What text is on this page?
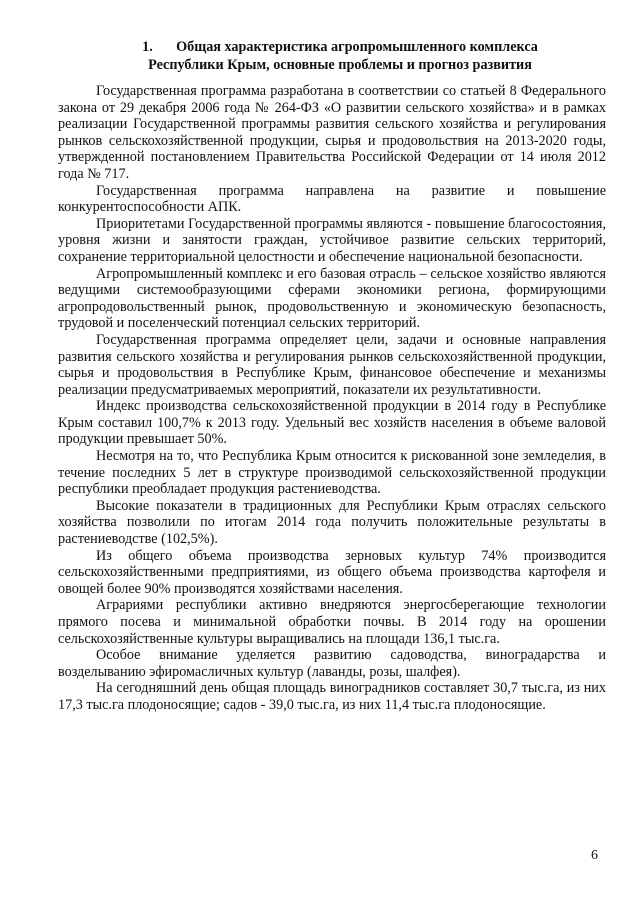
1. Общая характеристика агропромышленного комплекса
Республики Крым, основные проблемы и прогноз развития

Государственная программа разработана в соответствии со статьей 8 Федерального закона от 29 декабря 2006 года № 264-ФЗ «О развитии сельского хозяйства» и в рамках реализации Государственной программы развития сельского хозяйства и регулирования рынков сельскохозяйственной продукции, сырья и продовольствия на 2013-2020 годы, утвержденной постановлением Правительства Российской Федерации от 14 июля 2012 года № 717.

Государственная программа направлена на развитие и повышение конкурентоспособности АПК.

Приоритетами Государственной программы являются - повышение благосостояния, уровня жизни и занятости граждан, устойчивое развитие сельских территорий, сохранение территориальной целостности и обеспечение национальной безопасности.

Агропромышленный комплекс и его базовая отрасль – сельское хозяйство являются ведущими системообразующими сферами экономики региона, формирующими агропродовольственный рынок, продовольственную и экономическую безопасность, трудовой и поселенческий потенциал сельских территорий.

Государственная программа определяет цели, задачи и основные направления развития сельского хозяйства и регулирования рынков сельскохозяйственной продукции, сырья и продовольствия в Республике Крым, финансовое обеспечение и механизмы реализации предусматриваемых мероприятий, показатели их результативности.

Индекс производства сельскохозяйственной продукции в 2014 году в Республике Крым составил 100,7% к 2013 году. Удельный вес хозяйств населения в объеме валовой продукции превышает 50%.

Несмотря на то, что Республика Крым относится к рискованной зоне земледелия, в течение последних 5 лет в структуре производимой сельскохозяйственной продукции республики преобладает продукция растениеводства.

Высокие показатели в традиционных для Республики Крым отраслях сельского хозяйства позволили по итогам 2014 года получить положительные результаты в растениеводстве (102,5%).

Из общего объема производства зерновых культур 74% производится сельскохозяйственными предприятиями, из общего объема производства картофеля и овощей более 90% производятся хозяйствами населения.

Аграриями республики активно внедряются энергосберегающие технологии прямого посева и минимальной обработки почвы. В 2014 году на орошении сельскохозяйственные культуры выращивались на площади 136,1 тыс.га.

Особое внимание уделяется развитию садоводства, виноградарства и возделыванию эфиромасличных культур (лаванды, розы, шалфея).

На сегодняшний день общая площадь виноградников составляет 30,7 тыс.га, из них 17,3 тыс.га плодоносящие; садов - 39,0 тыс.га, из них 11,4 тыс.га плодоносящие.

6
